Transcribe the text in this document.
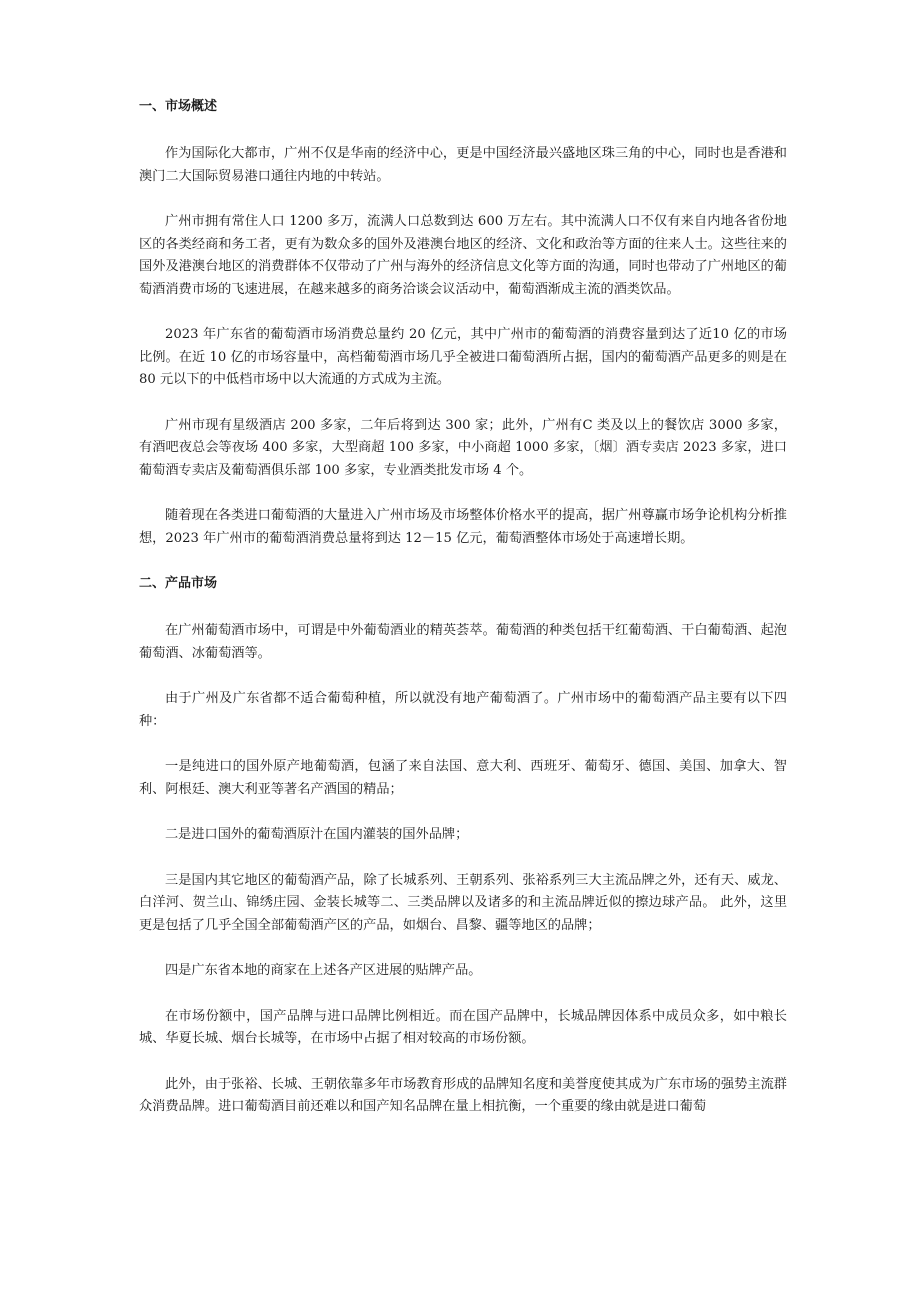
一、市场概述

作为国际化大都市，广州不仅是华南的经济中心，更是中国经济最兴盛地区珠三角的中心，同时也是香港和澳门二大国际贸易港口通往内地的中转站。

广州市拥有常住人口 1200 多万，流满人口总数到达 600 万左右。其中流满人口不仅有来自内地各省份地区的各类经商和务工者，更有为数众多的国外及港澳台地区的经济、文化和政治等方面的往来人士。这些往来的国外及港澳台地区的消费群体不仅带动了广州与海外的经济信息文化等方面的沟通，同时也带动了广州地区的葡萄酒消费市场的飞速进展，在越来越多的商务洽谈会议活动中，葡萄酒渐成主流的酒类饮品。

2023 年广东省的葡萄酒市场消费总量约 20 亿元，其中广州市的葡萄酒的消费容量到达了近10 亿的市场比例。在近 10 亿的市场容量中，高档葡萄酒市场几乎全被进口葡萄酒所占据，国内的葡萄酒产品更多的则是在 80 元以下的中低档市场中以大流通的方式成为主流。

广州市现有星级酒店 200 多家，二年后将到达 300 家；此外，广州有C 类及以上的餐饮店 3000 多家，有酒吧夜总会等夜场 400 多家，大型商超 100 多家，中小商超 1000 多家，〔烟〕酒专卖店 2023 多家，进口葡萄酒专卖店及葡萄酒俱乐部 100 多家，专业酒类批发市场 4 个。

随着现在各类进口葡萄酒的大量进入广州市场及市场整体价格水平的提高，据广州尊赢市场争论机构分析推想，2023 年广州市的葡萄酒消费总量将到达 12－15 亿元，葡萄酒整体市场处于高速增长期。

二、产品市场

在广州葡萄酒市场中，可谓是中外葡萄酒业的精英荟萃。葡萄酒的种类包括干红葡萄酒、干白葡萄酒、起泡葡萄酒、冰葡萄酒等。

由于广州及广东省都不适合葡萄种植，所以就没有地产葡萄酒了。广州市场中的葡萄酒产品主要有以下四种：

一是纯进口的国外原产地葡萄酒，包涵了来自法国、意大利、西班牙、葡萄牙、德国、美国、加拿大、智利、阿根廷、澳大利亚等著名产酒国的精品；

二是进口国外的葡萄酒原汁在国内灌装的国外品牌；

三是国内其它地区的葡萄酒产品，除了长城系列、王朝系列、张裕系列三大主流品牌之外，还有天、威龙、白洋河、贺兰山、锦绣庄园、金装长城等二、三类品牌以及诸多的和主流品牌近似的擦边球产品。 此外，这里更是包括了几乎全国全部葡萄酒产区的产品，如烟台、昌黎、疆等地区的品牌；

四是广东省本地的商家在上述各产区进展的贴牌产品。

在市场份额中，国产品牌与进口品牌比例相近。而在国产品牌中，长城品牌因体系中成员众多，如中粮长城、华夏长城、烟台长城等，在市场中占据了相对较高的市场份额。

此外，由于张裕、长城、王朝依靠多年市场教育形成的品牌知名度和美誉度使其成为广东市场的强势主流群众消费品牌。进口葡萄酒目前还难以和国产知名品牌在量上相抗衡，一个重要的缘由就是进口葡萄
